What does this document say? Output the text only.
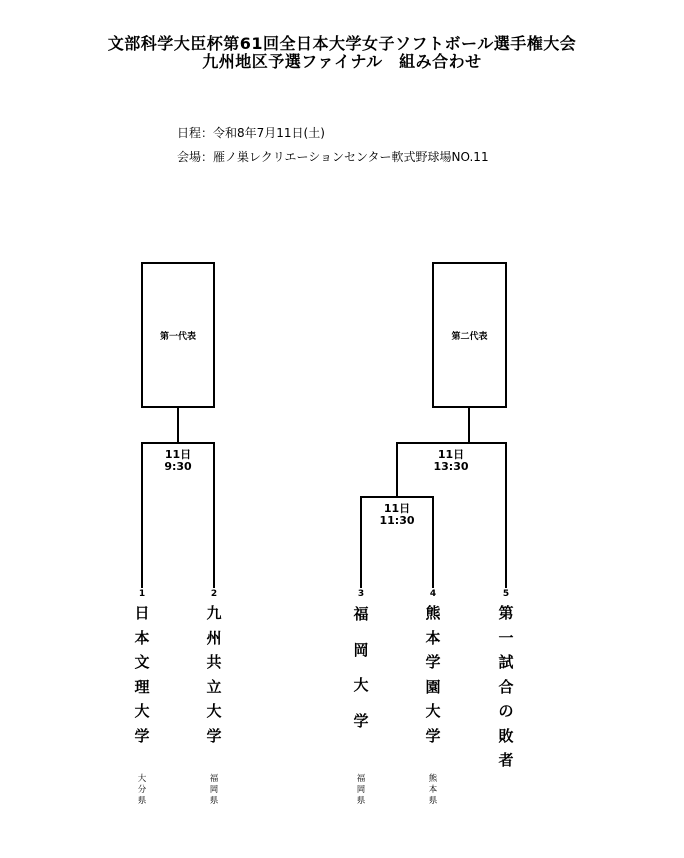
文部科学大臣杯第61回全日本大学女子ソフトボール選手権大会
九州地区予選ファイナル　組み合わせ
日程：令和8年7月11日(土)
会場：雁ノ巣レクリエーションセンター軟式野球場NO.11
第一代表	第二代表
11日
9:30
11日
13:30
11日
11:30
1	2	3	4	5
日
本
文
理
大
学
大
分
県
九
州
共
立
大
学
福
岡
県
福
岡
大
学
福
岡
県
熊
本
学
園
大
学
熊
本
県
第
一
試
合
の
敗
者
